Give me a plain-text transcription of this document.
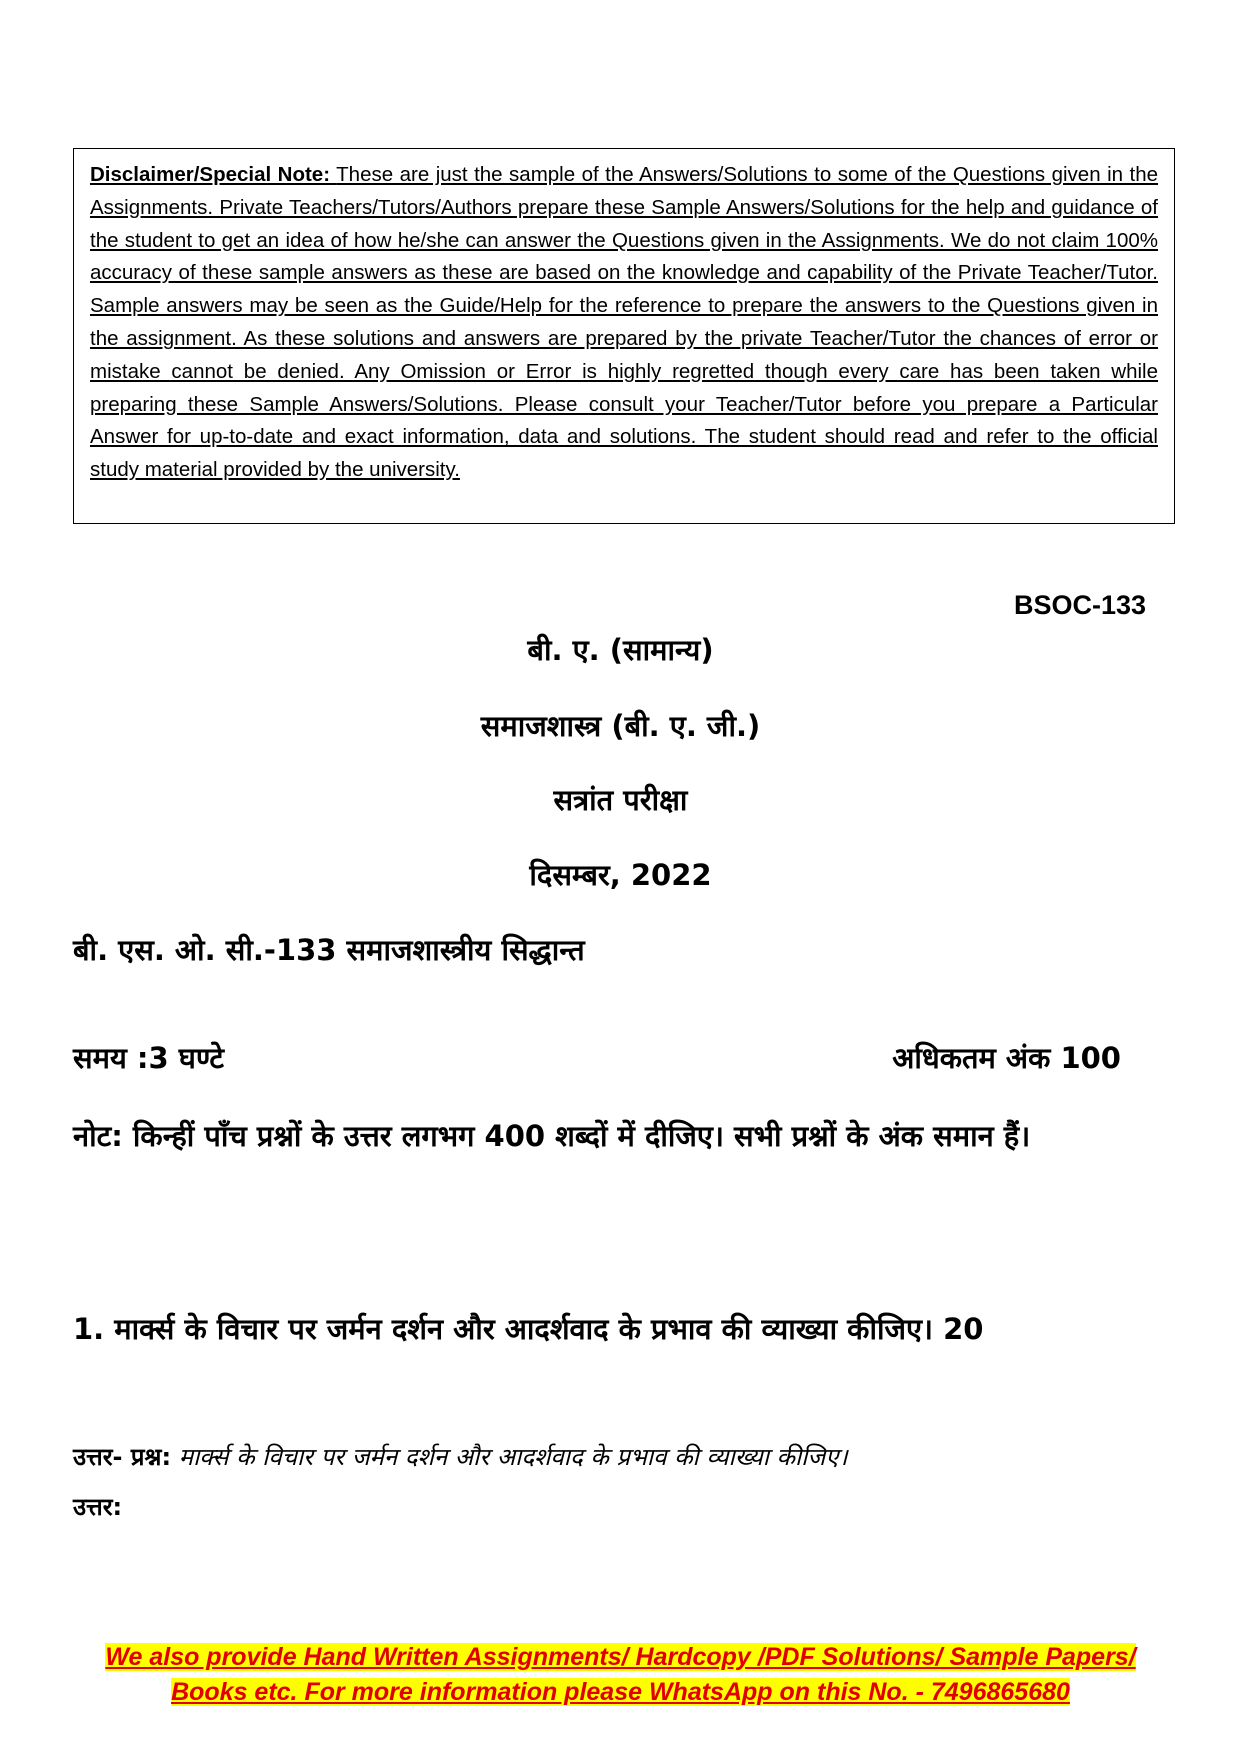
Disclaimer/Special Note: These are just the sample of the Answers/Solutions to some of the Questions given in the Assignments. Private Teachers/Tutors/Authors prepare these Sample Answers/Solutions for the help and guidance of the student to get an idea of how he/she can answer the Questions given in the Assignments. We do not claim 100% accuracy of these sample answers as these are based on the knowledge and capability of the Private Teacher/Tutor. Sample answers may be seen as the Guide/Help for the reference to prepare the answers to the Questions given in the assignment. As these solutions and answers are prepared by the private Teacher/Tutor the chances of error or mistake cannot be denied. Any Omission or Error is highly regretted though every care has been taken while preparing these Sample Answers/Solutions. Please consult your Teacher/Tutor before you prepare a Particular Answer for up-to-date and exact information, data and solutions. The student should read and refer to the official study material provided by the university.

BSOC-133
बी. ए. (सामान्य)
समाजशास्त्र (बी. ए. जी.)
सत्रांत परीक्षा
दिसम्बर, 2022
बी. एस. ओ. सी.-133 समाजशास्त्रीय सिद्धान्त
समय :3 घण्टे	अधिकतम अंक 100

नोट: किन्हीं पाँच प्रश्नों के उत्तर लगभग 400 शब्दों में दीजिए। सभी प्रश्नों के अंक समान हैं।

1. मार्क्स के विचार पर जर्मन दर्शन और आदर्शवाद के प्रभाव की व्याख्या कीजिए। 20

उत्तर- प्रश्न: मार्क्स के विचार पर जर्मन दर्शन और आदर्शवाद के प्रभाव की व्याख्या कीजिए।
उत्तर:
We also provide Hand Written Assignments/ Hardcopy /PDF Solutions/ Sample Papers/
Books etc. For more information please WhatsApp on this No. - 7496865680
